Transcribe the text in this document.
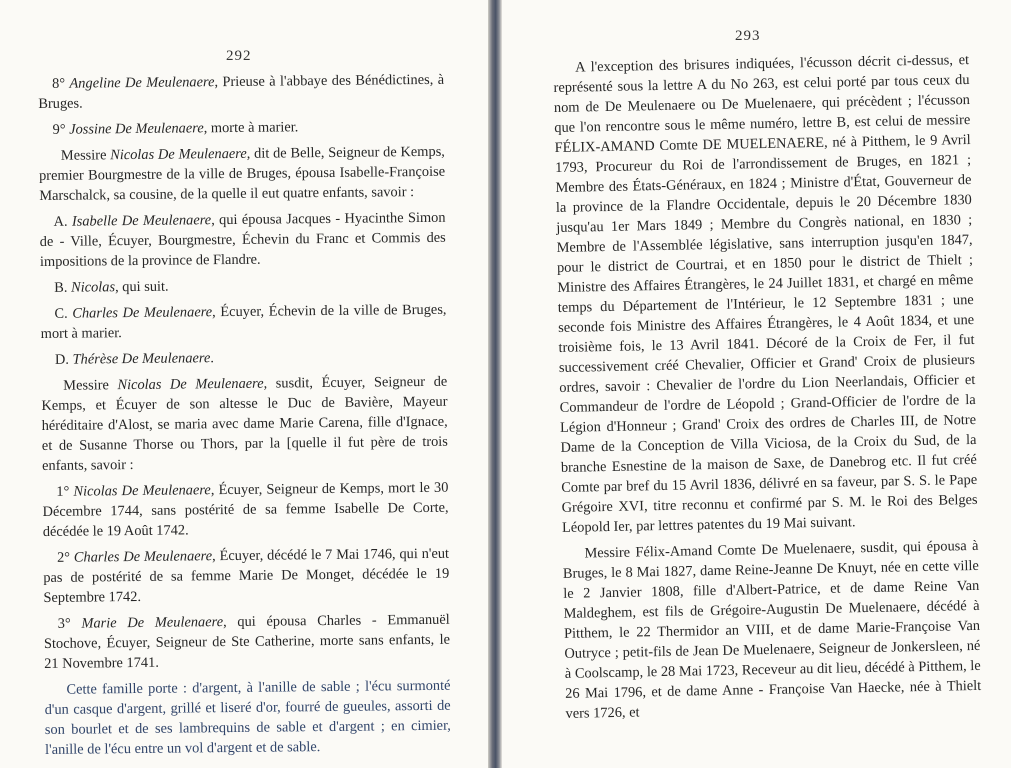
292
293

8° Angeline De Meulenaere, Prieuse à l'abbaye des Bénédictines, à Bruges.

9° Jossine De Meulenaere, morte à marier.

Messire Nicolas De Meulenaere, dit de Belle, Seigneur de Kemps, premier Bourgmestre de la ville de Bruges, épousa Isabelle-Françoise Marschalck, sa cousine, de la quelle il eut quatre enfants, savoir :

A. Isabelle De Meulenaere, qui épousa Jacques - Hyacinthe Simon de - Ville, Écuyer, Bourgmestre, Échevin du Franc et Commis des impositions de la province de Flandre.

B. Nicolas, qui suit.

C. Charles De Meulenaere, Écuyer, Échevin de la ville de Bruges, mort à marier.

D. Thérèse De Meulenaere.

Messire Nicolas De Meulenaere, susdit, Écuyer, Seigneur de Kemps, et Écuyer de son altesse le Duc de Bavière, Mayeur héréditaire d'Alost, se maria avec dame Marie Carena, fille d'Ignace, et de Susanne Thorse ou Thors, par la [quelle il fut père de trois enfants, savoir :

1° Nicolas De Meulenaere, Écuyer, Seigneur de Kemps, mort le 30 Décembre 1744, sans postérité de sa femme Isabelle De Corte, décédée le 19 Août 1742.

2° Charles De Meulenaere, Écuyer, décédé le 7 Mai 1746, qui n'eut pas de postérité de sa femme Marie De Monget, décédée le 19 Septembre 1742.

3° Marie De Meulenaere, qui épousa Charles - Emmanuël Stochove, Écuyer, Seigneur de Ste Catherine, morte sans enfants, le 21 Novembre 1741.

Cette famille porte : d'argent, à l'anille de sable ; l'écu surmonté d'un casque d'argent, grillé et liseré d'or, fourré de gueules, assorti de son bourlet et de ses lambrequins de sable et d'argent ; en cimier, l'anille de l'écu entre un vol d'argent et de sable.

A l'exception des brisures indiquées, l'écusson décrit ci-dessus, et représenté sous la lettre A du No 263, est celui porté par tous ceux du nom de De Meulenaere ou De Muelenaere, qui précèdent ; l'écusson que l'on rencontre sous le même numéro, lettre B, est celui de messire FÉLIX-AMAND Comte DE MUELENAERE, né à Pitthem, le 9 Avril 1793, Procureur du Roi de l'arrondissement de Bruges, en 1821 ; Membre des États-Généraux, en 1824 ; Ministre d'État, Gouverneur de la province de la Flandre Occidentale, depuis le 20 Décembre 1830 jusqu'au 1er Mars 1849 ; Membre du Congrès national, en 1830 ; Membre de l'Assemblée législative, sans interruption jusqu'en 1847, pour le district de Courtrai, et en 1850 pour le district de Thielt ; Ministre des Affaires Étrangères, le 24 Juillet 1831, et chargé en même temps du Département de l'Intérieur, le 12 Septembre 1831 ; une seconde fois Ministre des Affaires Étrangères, le 4 Août 1834, et une troisième fois, le 13 Avril 1841. Décoré de la Croix de Fer, il fut successivement créé Chevalier, Officier et Grand' Croix de plusieurs ordres, savoir : Chevalier de l'ordre du Lion Neerlandais, Officier et Commandeur de l'ordre de Léopold ; Grand-Officier de l'ordre de la Légion d'Honneur ; Grand' Croix des ordres de Charles III, de Notre Dame de la Conception de Villa Viciosa, de la Croix du Sud, de la branche Esnestine de la maison de Saxe, de Danebrog etc. Il fut créé Comte par bref du 15 Avril 1836, délivré en sa faveur, par S. S. le Pape Grégoire XVI, titre reconnu et confirmé par S. M. le Roi des Belges Léopold Ier, par lettres patentes du 19 Mai suivant.

Messire Félix-Amand Comte De Muelenaere, susdit, qui épousa à Bruges, le 8 Mai 1827, dame Reine-Jeanne De Knuyt, née en cette ville le 2 Janvier 1808, fille d'Albert-Patrice, et de dame Reine Van Maldeghem, est fils de Grégoire-Augustin De Muelenaere, décédé à Pitthem, le 22 Thermidor an VIII, et de dame Marie-Françoise Van Outryce ; petit-fils de Jean De Muelenaere, Seigneur de Jonkersleen, né à Coolscamp, le 28 Mai 1723, Receveur au dit lieu, décédé à Pitthem, le 26 Mai 1796, et de dame Anne - Françoise Van Haecke, née à Thielt vers 1726, et
